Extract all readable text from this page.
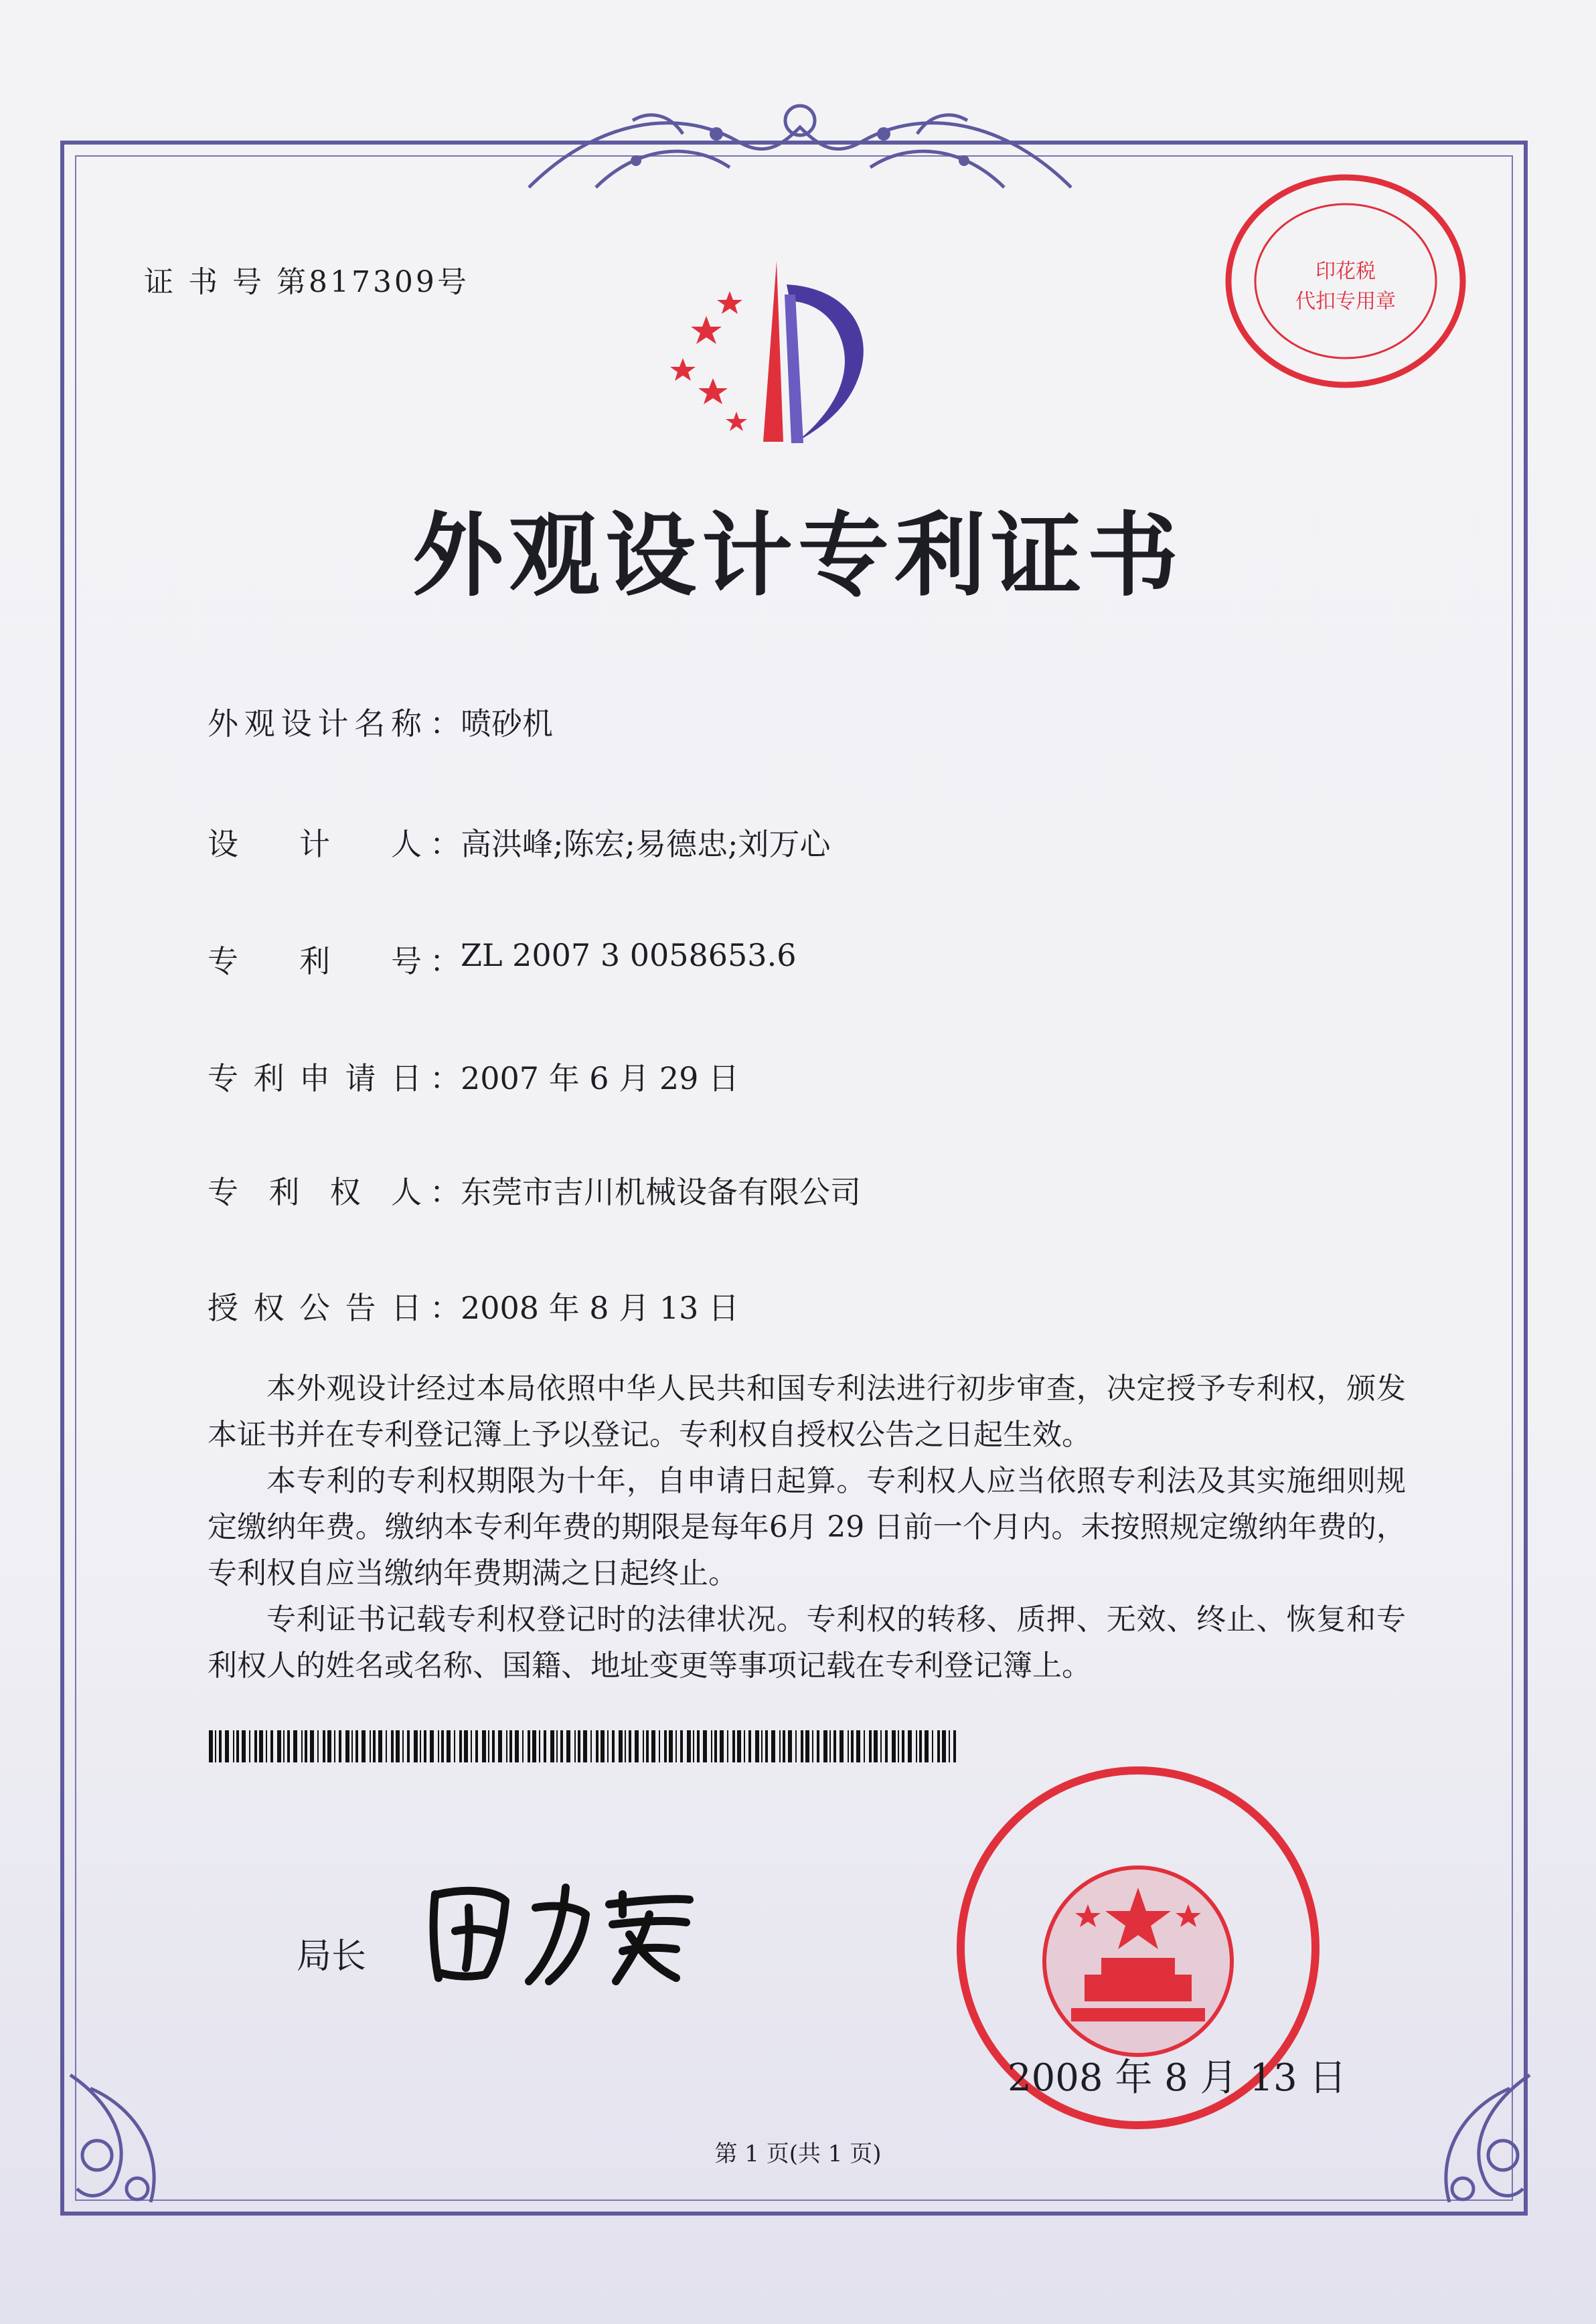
证 书 号 第817309号	印花税
代扣专用章
外观设计专利证书
外观设计名称 ： 喷砂机
设计人 ： 高洪峰;陈宏;易德忠;刘万心
专利号 ： ZL 2007 3 0058653.6
专利申请日 ： 2007 年 6 月 29 日
专利权人 ： 东莞市吉川机械设备有限公司
授权公告日 ： 2008 年 8 月 13 日

本外观设计经过本局依照中华人民共和国专利法进行初步审查，决定授予专利权，颁发本证书并在专利登记簿上予以登记。专利权自授权公告之日起生效。

本专利的专利权期限为十年，自申请日起算。专利权人应当依照专利法及其实施细则规定缴纳年费。缴纳本专利年费的期限是每年6月 29 日前一个月内。未按照规定缴纳年费的，专利权自应当缴纳年费期满之日起终止。

专利证书记载专利权登记时的法律状况。专利权的转移、质押、无效、终止、恢复和专利权人的姓名或名称、国籍、地址变更等事项记载在专利登记簿上。

局长
2008 年 8 月 13 日
第 1 页(共 1 页)
